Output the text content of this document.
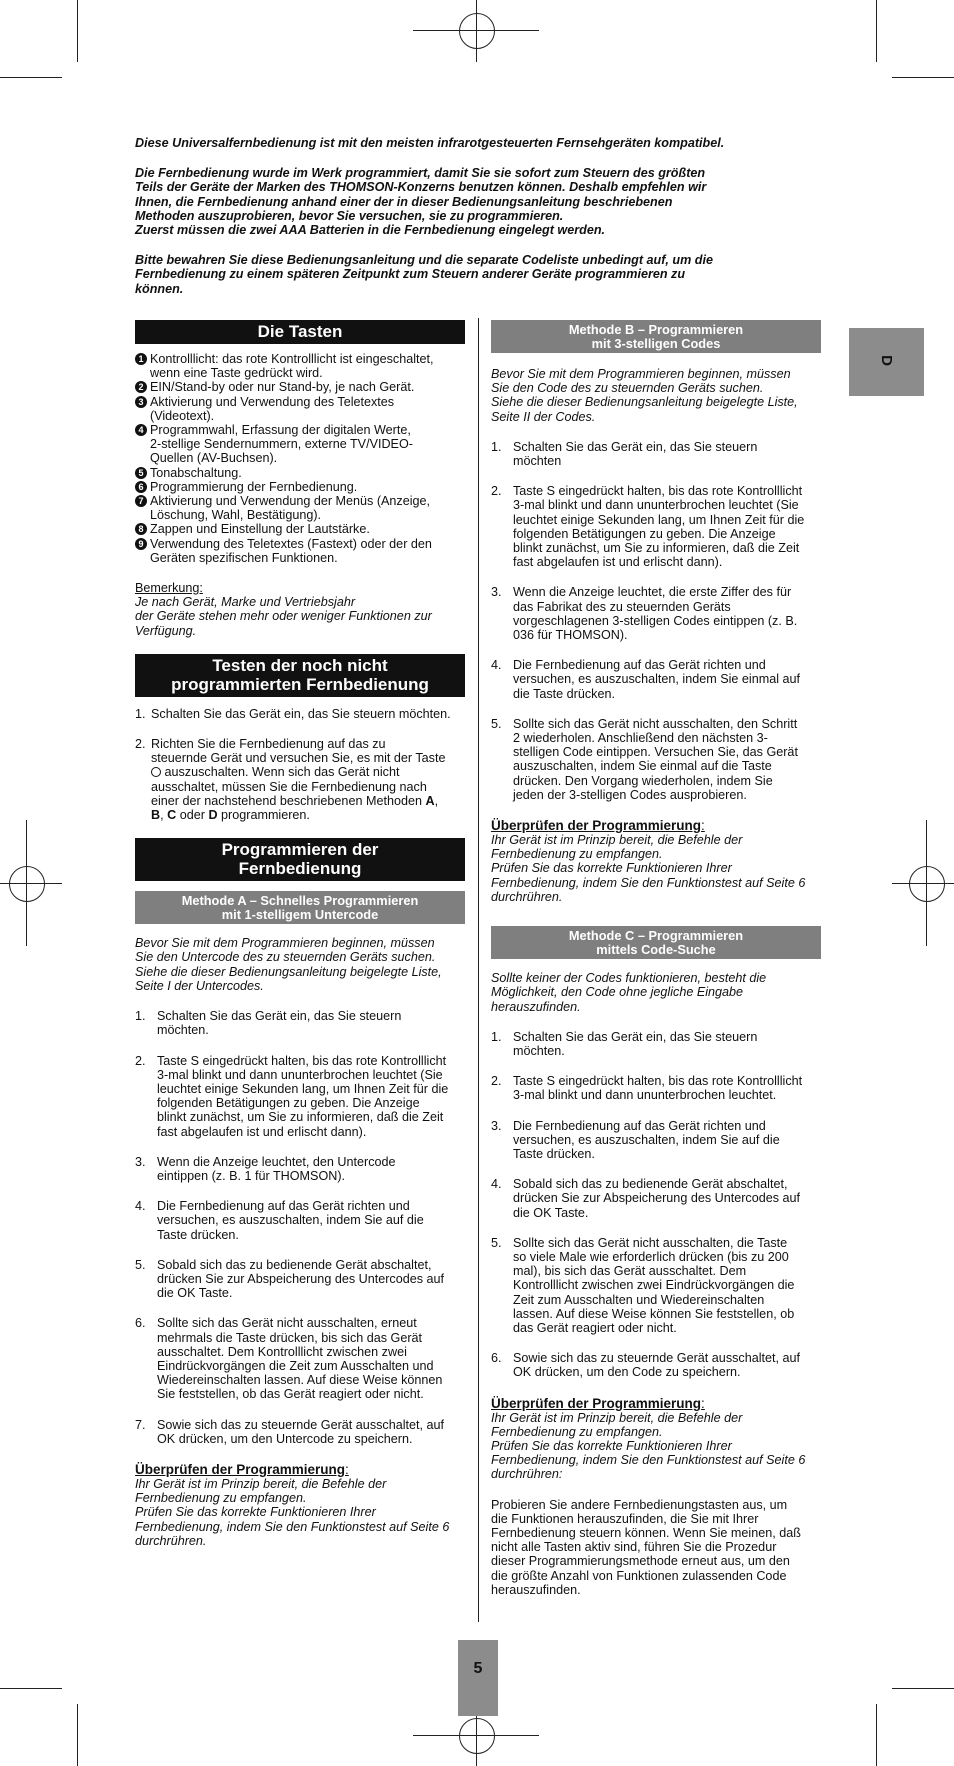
Diese Universalfernbedienung ist mit den meisten infrarotgesteuerten Fernsehgeräten kompatibel.

Die Fernbedienung wurde im Werk programmiert, damit Sie sie sofort zum Steuern des größten
Teils der Geräte der Marken des THOMSON-Konzerns benutzen können. Deshalb empfehlen wir
Ihnen, die Fernbedienung anhand einer der in dieser Bedienungsanleitung beschriebenen
Methoden auszuprobieren, bevor Sie versuchen, sie zu programmieren.
Zuerst müssen die zwei AAA Batterien in die Fernbedienung eingelegt werden.

Bitte bewahren Sie diese Bedienungsanleitung und die separate Codeliste unbedingt auf, um die
Fernbedienung zu einem späteren Zeitpunkt zum Steuern anderer Geräte programmieren zu
können.

D
Die Tasten
1 Kontrolllicht: das rote Kontrolllicht ist eingeschaltet,
wenn eine Taste gedrückt wird.
2 EIN/Stand-by oder nur Stand-by, je nach Gerät.
3 Aktivierung und Verwendung des Teletextes
(Videotext).
4 Programmwahl, Erfassung der digitalen Werte,
2-stellige Sendernummern, externe TV/VIDEO-
Quellen (AV-Buchsen).
5 Tonabschaltung.
6 Programmierung der Fernbedienung.
7 Aktivierung und Verwendung der Menüs (Anzeige,
Löschung, Wahl, Bestätigung).
8 Zappen und Einstellung der Lautstärke.
9 Verwendung des Teletextes (Fastext) oder der den
Geräten spezifischen Funktionen.
Bemerkung:
Je nach Gerät, Marke und Vertriebsjahr
der Geräte stehen mehr oder weniger Funktionen zur
Verfügung.
Testen der noch nicht
programmierten Fernbedienung
1. Schalten Sie das Gerät ein, das Sie steuern möchten.
2. Richten Sie die Fernbedienung auf das zu
steuernde Gerät und versuchen Sie, es mit der Taste
auszuschalten. Wenn sich das Gerät nicht
ausschaltet, müssen Sie die Fernbedienung nach
einer der nachstehend beschriebenen Methoden A,
B, C oder D programmieren.
Programmieren der
Fernbedienung
Methode A – Schnelles Programmieren
mit 1-stelligem Untercode
Bevor Sie mit dem Programmieren beginnen, müssen
Sie den Untercode des zu steuernden Geräts suchen.
Siehe die dieser Bedienungsanleitung beigelegte Liste,
Seite I der Untercodes.
1. Schalten Sie das Gerät ein, das Sie steuern
möchten.
2. Taste S eingedrückt halten, bis das rote Kontrolllicht
3-mal blinkt und dann ununterbrochen leuchtet (Sie
leuchtet einige Sekunden lang, um Ihnen Zeit für die
folgenden Betätigungen zu geben. Die Anzeige
blinkt zunächst, um Sie zu informieren, daß die Zeit
fast abgelaufen ist und erlischt dann).
3. Wenn die Anzeige leuchtet, den Untercode
eintippen (z. B. 1 für THOMSON).
4. Die Fernbedienung auf das Gerät richten und
versuchen, es auszuschalten, indem Sie auf die
Taste drücken.
5. Sobald sich das zu bedienende Gerät abschaltet,
drücken Sie zur Abspeicherung des Untercodes auf
die OK Taste.
6. Sollte sich das Gerät nicht ausschalten, erneut
mehrmals die Taste drücken, bis sich das Gerät
ausschaltet. Dem Kontrolllicht zwischen zwei
Eindrückvorgängen die Zeit zum Ausschalten und
Wiedereinschalten lassen. Auf diese Weise können
Sie feststellen, ob das Gerät reagiert oder nicht.
7. Sowie sich das zu steuernde Gerät ausschaltet, auf
OK drücken, um den Untercode zu speichern.
Überprüfen der Programmierung:
Ihr Gerät ist im Prinzip bereit, die Befehle der
Fernbedienung zu empfangen.
Prüfen Sie das korrekte Funktionieren Ihrer
Fernbedienung, indem Sie den Funktionstest auf Seite 6
durchrühren.
Methode B – Programmieren
mit 3-stelligen Codes
Bevor Sie mit dem Programmieren beginnen, müssen
Sie den Code des zu steuernden Geräts suchen.
Siehe die dieser Bedienungsanleitung beigelegte Liste,
Seite II der Codes.
1. Schalten Sie das Gerät ein, das Sie steuern
möchten
2. Taste S eingedrückt halten, bis das rote Kontrolllicht
3-mal blinkt und dann ununterbrochen leuchtet (Sie
leuchtet einige Sekunden lang, um Ihnen Zeit für die
folgenden Betätigungen zu geben. Die Anzeige
blinkt zunächst, um Sie zu informieren, daß die Zeit
fast abgelaufen ist und erlischt dann).
3. Wenn die Anzeige leuchtet, die erste Ziffer des für
das Fabrikat des zu steuernden Geräts
vorgeschlagenen 3-stelligen Codes eintippen (z. B.
036 für THOMSON).
4. Die Fernbedienung auf das Gerät richten und
versuchen, es auszuschalten, indem Sie einmal auf
die Taste drücken.
5. Sollte sich das Gerät nicht ausschalten, den Schritt
2 wiederholen. Anschließend den nächsten 3-
stelligen Code eintippen. Versuchen Sie, das Gerät
auszuschalten, indem Sie einmal auf die Taste
drücken. Den Vorgang wiederholen, indem Sie
jeden der 3-stelligen Codes ausprobieren.
Überprüfen der Programmierung:
Ihr Gerät ist im Prinzip bereit, die Befehle der
Fernbedienung zu empfangen.
Prüfen Sie das korrekte Funktionieren Ihrer
Fernbedienung, indem Sie den Funktionstest auf Seite 6
durchrühren.
Methode C – Programmieren
mittels Code-Suche
Sollte keiner der Codes funktionieren, besteht die
Möglichkeit, den Code ohne jegliche Eingabe
herauszufinden.
1. Schalten Sie das Gerät ein, das Sie steuern
möchten.
2. Taste S eingedrückt halten, bis das rote Kontrolllicht
3-mal blinkt und dann ununterbrochen leuchtet.
3. Die Fernbedienung auf das Gerät richten und
versuchen, es auszuschalten, indem Sie auf die
Taste drücken.
4. Sobald sich das zu bedienende Gerät abschaltet,
drücken Sie zur Abspeicherung des Untercodes auf
die OK Taste.
5. Sollte sich das Gerät nicht ausschalten, die Taste
so viele Male wie erforderlich drücken (bis zu 200
mal), bis sich das Gerät ausschaltet. Dem
Kontrolllicht zwischen zwei Eindrückvorgängen die
Zeit zum Ausschalten und Wiedereinschalten
lassen. Auf diese Weise können Sie feststellen, ob
das Gerät reagiert oder nicht.
6. Sowie sich das zu steuernde Gerät ausschaltet, auf
OK drücken, um den Code zu speichern.
Überprüfen der Programmierung:
Ihr Gerät ist im Prinzip bereit, die Befehle der
Fernbedienung zu empfangen.
Prüfen Sie das korrekte Funktionieren Ihrer
Fernbedienung, indem Sie den Funktionstest auf Seite 6
durchrühren:
Probieren Sie andere Fernbedienungstasten aus, um
die Funktionen herauszufinden, die Sie mit Ihrer
Fernbedienung steuern können. Wenn Sie meinen, daß
nicht alle Tasten aktiv sind, führen Sie die Prozedur
dieser Programmierungsmethode erneut aus, um den
die größte Anzahl von Funktionen zulassenden Code
herauszufinden.
5
